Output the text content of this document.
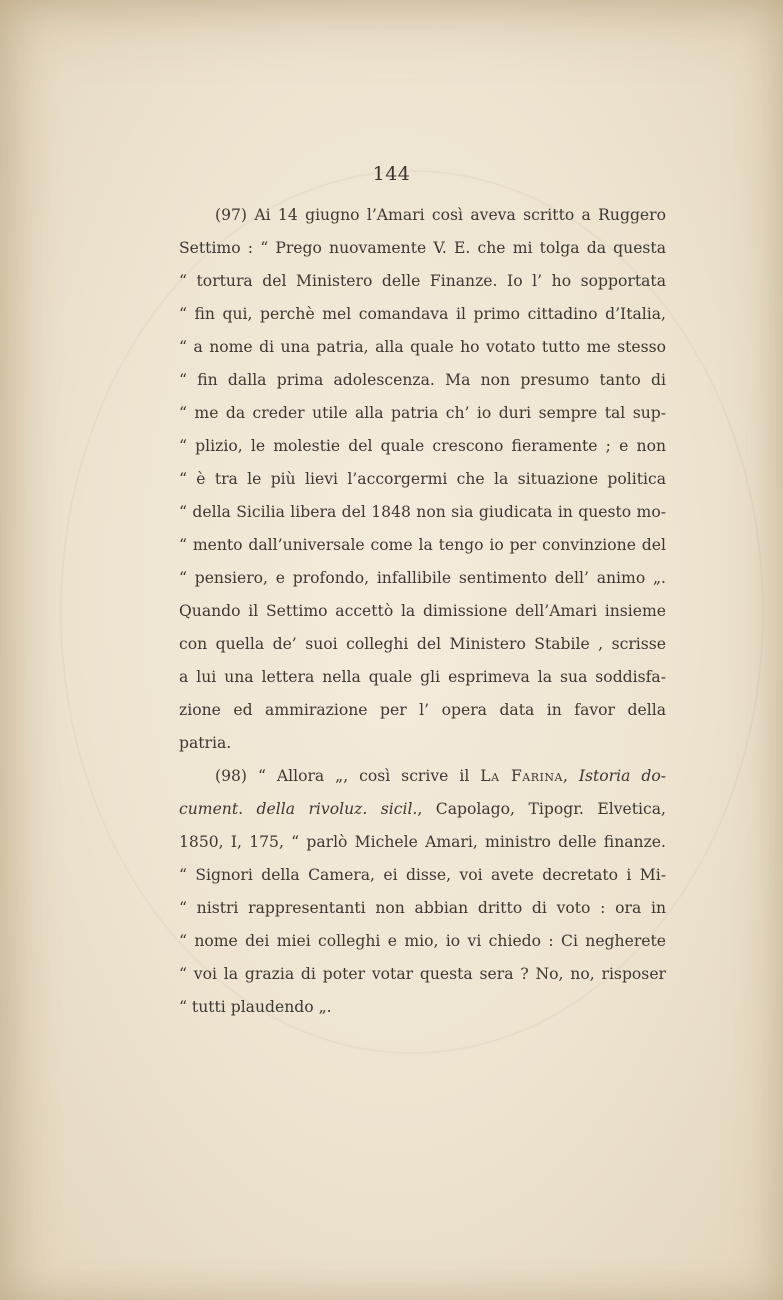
144
(97) Ai 14 giugno l’Amari così aveva scritto a Ruggero
Settimo : “ Prego nuovamente V. E. che mi tolga da questa
“ tortura del Ministero delle Finanze. Io l’ ho sopportata
“ fin qui, perchè mel comandava il primo cittadino d’Italia,
“ a nome di una patria, alla quale ho votato tutto me stesso
“ fin dalla prima adolescenza. Ma non presumo tanto di
“ me da creder utile alla patria ch’ io duri sempre tal sup-
“ plizio, le molestie del quale crescono fieramente ; e non
“ è tra le più lievi l’accorgermi che la situazione politica
“ della Sicilia libera del 1848 non sia giudicata in questo mo-
“ mento dall’universale come la tengo io per convinzione del
“ pensiero, e profondo, infallibile sentimento dell’ animo „.
Quando il Settimo accettò la dimissione dell’Amari insieme
con quella de’ suoi colleghi del Ministero Stabile , scrisse
a lui una lettera nella quale gli esprimeva la sua soddisfa-
zione ed ammirazione per l’ opera data in favor della
patria.
(98) “ Allora „, così scrive il La Farina, Istoria do-
cument. della rivoluz. sicil., Capolago, Tipogr. Elvetica,
1850, I, 175, “ parlò Michele Amari, ministro delle finanze.
“ Signori della Camera, ei disse, voi avete decretato i Mi-
“ nistri rappresentanti non abbian dritto di voto : ora in
“ nome dei miei colleghi e mio, io vi chiedo : Ci negherete
“ voi la grazia di poter votar questa sera ? No, no, risposer
“ tutti plaudendo „.
